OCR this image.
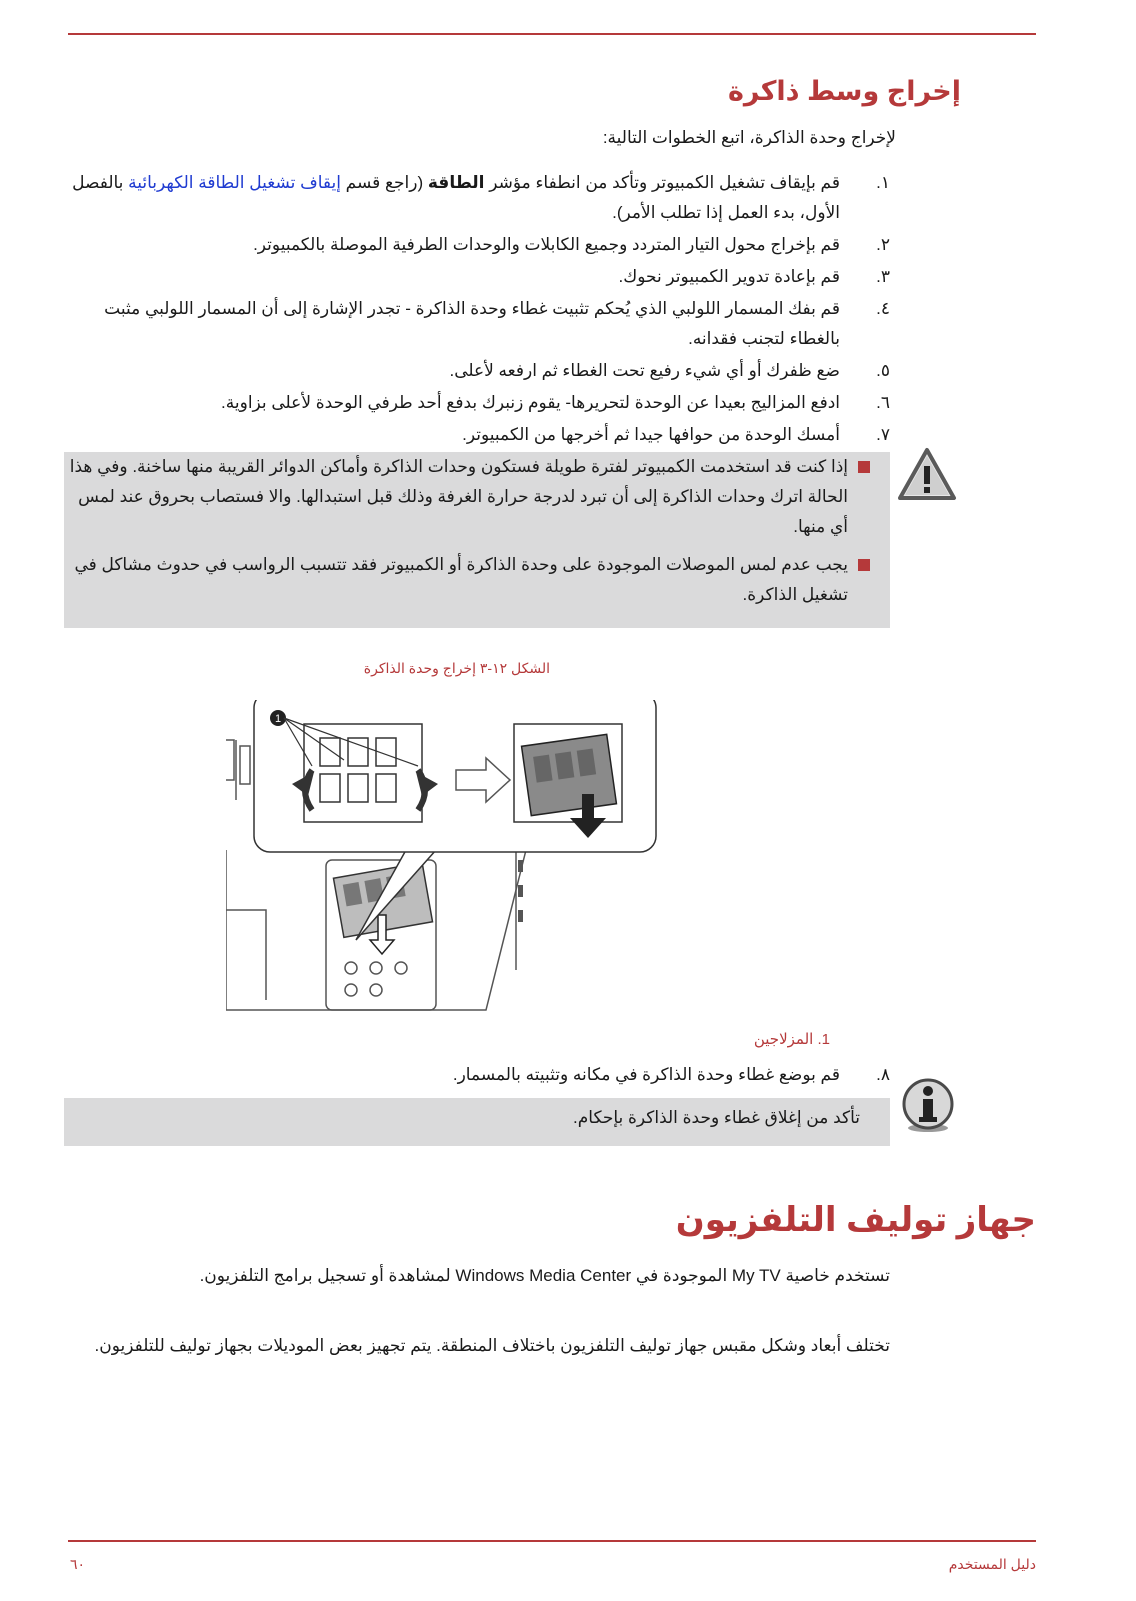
إخراج وسط ذاكرة
لإخراج وحدة الذاكرة، اتبع الخطوات التالية:
١.
قم بإيقاف تشغيل الكمبيوتر وتأكد من انطفاء مؤشر الطاقة (راجع قسم إيقاف تشغيل الطاقة الكهربائية بالفصل الأول، بدء العمل إذا تطلب الأمر).
٢.
قم بإخراج محول التيار المتردد وجميع الكابلات والوحدات الطرفية الموصلة بالكمبيوتر.
٣.
قم بإعادة تدوير الكمبيوتر نحوك.
٤.
قم بفك المسمار اللولبي الذي يُحكم تثبيت غطاء وحدة الذاكرة - تجدر الإشارة إلى أن المسمار اللولبي مثبت بالغطاء لتجنب فقدانه.
٥.
ضع ظفرك أو أي شيء رفيع تحت الغطاء ثم ارفعه لأعلى.
٦.
ادفع المزاليج بعيدا عن الوحدة لتحريرها- يقوم زنبرك بدفع أحد طرفي الوحدة لأعلى بزاوية.
٧.
أمسك الوحدة من حوافها جيدا ثم أخرجها من الكمبيوتر.

إذا كنت قد استخدمت الكمبيوتر لفترة طويلة فستكون وحدات الذاكرة وأماكن الدوائر القريبة منها ساخنة. وفي هذا الحالة اترك وحدات الذاكرة إلى أن تبرد لدرجة حرارة الغرفة وذلك قبل استبدالها. والا فستصاب بحروق عند لمس أي منها.

يجب عدم لمس الموصلات الموجودة على وحدة الذاكرة أو الكمبيوتر فقد تتسبب الرواسب في حدوث مشاكل في تشغيل الذاكرة.

الشكل ١٢-٣ إخراج وحدة الذاكرة
1
1. المزلاجين
٨.
قم بوضع غطاء وحدة الذاكرة في مكانه وتثبيته بالمسمار.
تأكد من إغلاق غطاء وحدة الذاكرة بإحكام.
جهاز توليف التلفزيون
تستخدم خاصية My TV الموجودة في Windows Media Center لمشاهدة أو تسجيل برامج التلفزيون.
تختلف أبعاد وشكل مقبس جهاز توليف التلفزيون باختلاف المنطقة. يتم تجهيز بعض الموديلات بجهاز توليف للتلفزيون.
٦٠	دليل المستخدم
